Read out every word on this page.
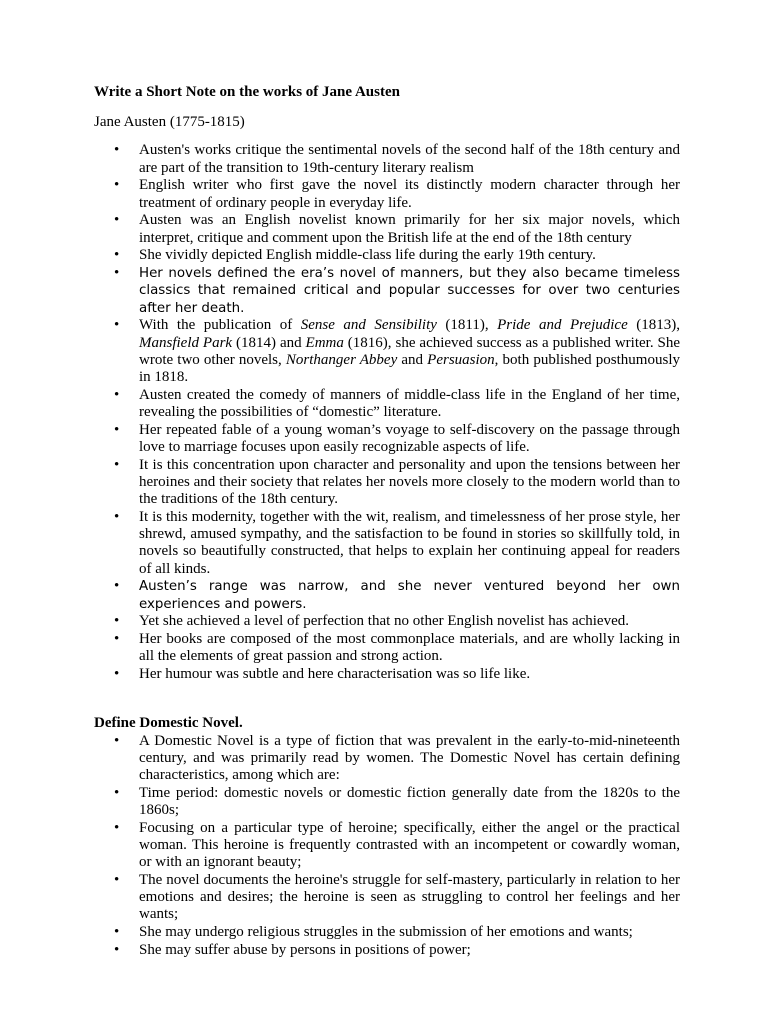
Write a Short Note on the works of Jane Austen
Jane Austen (1775-1815)
• Austen's works critique the sentimental novels of the second half of the 18th century and are part of the transition to 19th-century literary realism
• English writer who first gave the novel its distinctly modern character through her treatment of ordinary people in everyday life.
• Austen was an English novelist known primarily for her six major novels, which interpret, critique and comment upon the British life at the end of the 18th century
• She vividly depicted English middle-class life during the early 19th century.
• Her novels defined the era’s novel of manners, but they also became timeless classics that remained critical and popular successes for over two centuries after her death.
• With the publication of Sense and Sensibility (1811), Pride and Prejudice (1813), Mansfield Park (1814) and Emma (1816), she achieved success as a published writer. She wrote two other novels, Northanger Abbey and Persuasion, both published posthumously in 1818.
• Austen created the comedy of manners of middle-class life in the England of her time, revealing the possibilities of “domestic” literature.
• Her repeated fable of a young woman’s voyage to self-discovery on the passage through love to marriage focuses upon easily recognizable aspects of life.
• It is this concentration upon character and personality and upon the tensions between her heroines and their society that relates her novels more closely to the modern world than to the traditions of the 18th century.
• It is this modernity, together with the wit, realism, and timelessness of her prose style, her shrewd, amused sympathy, and the satisfaction to be found in stories so skillfully told, in novels so beautifully constructed, that helps to explain her continuing appeal for readers of all kinds.
• Austen’s range was narrow, and she never ventured beyond her own experiences and powers.
• Yet she achieved a level of perfection that no other English novelist has achieved.
• Her books are composed of the most commonplace materials, and are wholly lacking in all the elements of great passion and strong action.
• Her humour was subtle and here characterisation was so life like.
Define Domestic Novel.
• A Domestic Novel is a type of fiction that was prevalent in the early-to-mid-nineteenth century, and was primarily read by women. The Domestic Novel has certain defining characteristics, among which are:
• Time period: domestic novels or domestic fiction generally date from the 1820s to the 1860s;
• Focusing on a particular type of heroine; specifically, either the angel or the practical woman. This heroine is frequently contrasted with an incompetent or cowardly woman, or with an ignorant beauty;
• The novel documents the heroine's struggle for self-mastery, particularly in relation to her emotions and desires; the heroine is seen as struggling to control her feelings and her wants;
• She may undergo religious struggles in the submission of her emotions and wants;
• She may suffer abuse by persons in positions of power;
